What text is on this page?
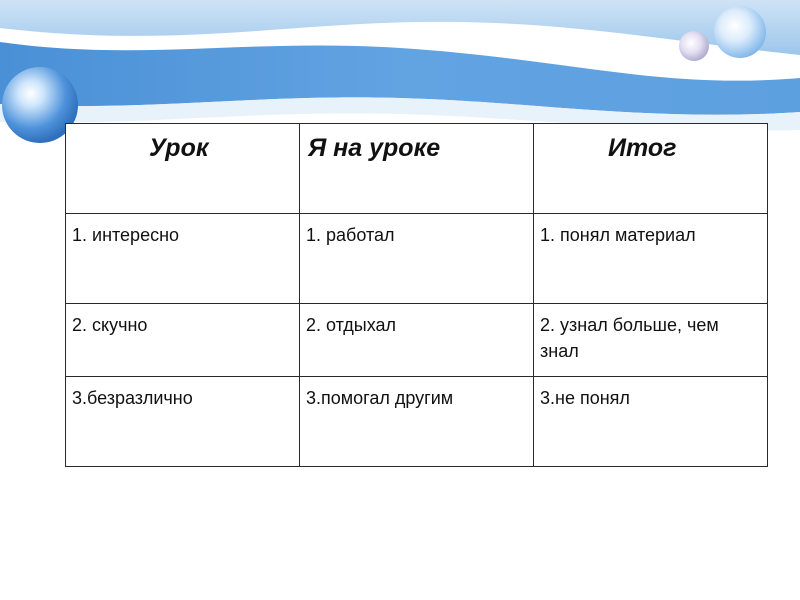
Урок	Я на уроке	Итог

1. интересно	1. работал	1. понял материал

2. скучно	2. отдыхал	2. узнал больше, чем знал

3.безразлично	3.помогал другим	3.не понял
